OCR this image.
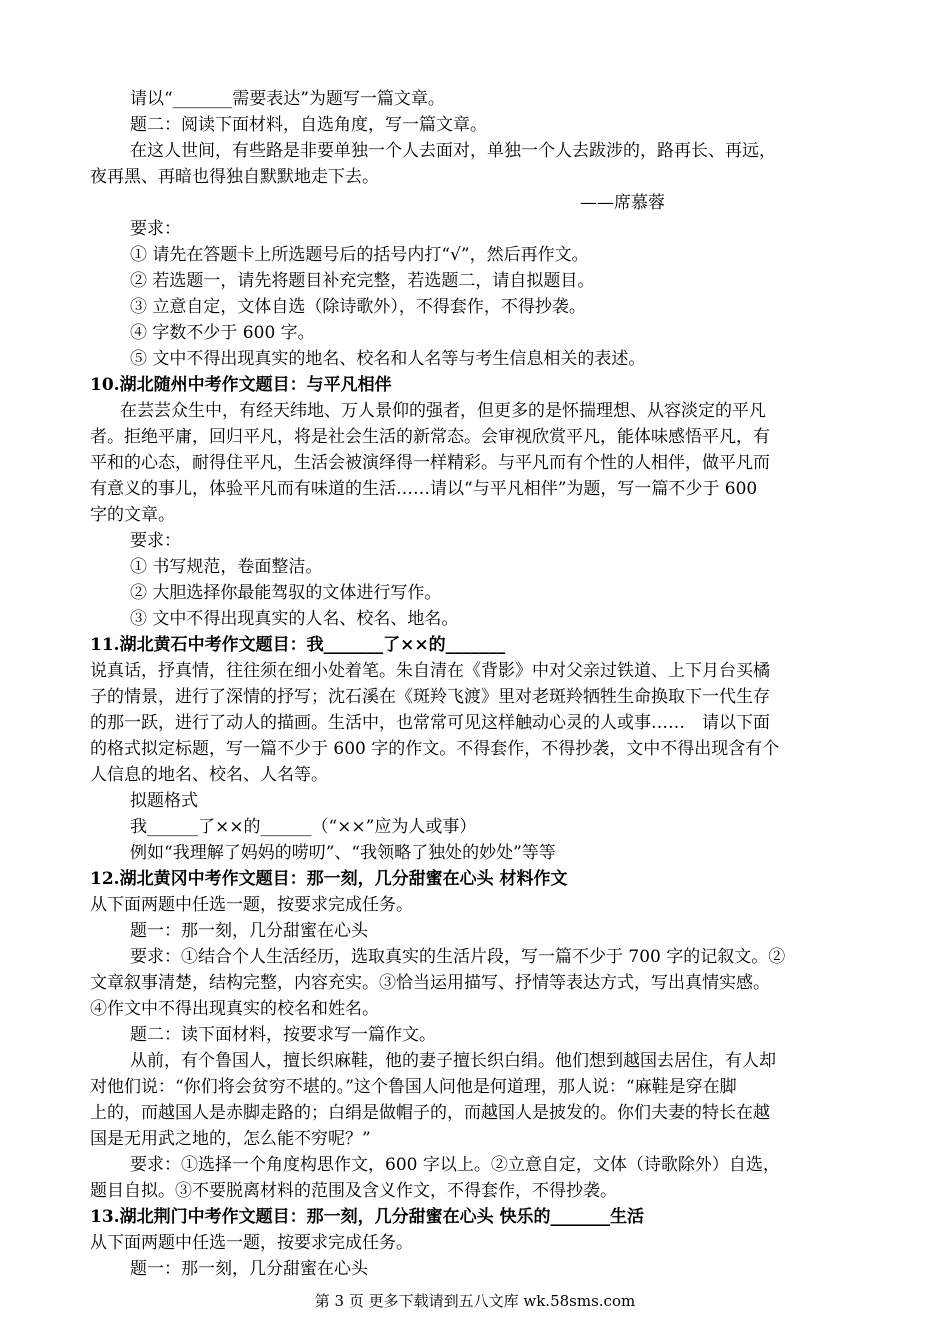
请以“_______需要表达”为题写一篇文章。
题二：阅读下面材料，自选角度，写一篇文章。
在这人世间，有些路是非要单独一个人去面对，单独一个人去跋涉的，路再长、再远，
夜再黑、再暗也得独自默默地走下去。
——席慕蓉
要求：
① 请先在答题卡上所选题号后的括号内打“√”，然后再作文。
② 若选题一，请先将题目补充完整，若选题二，请自拟题目。
③ 立意自定，文体自选（除诗歌外），不得套作，不得抄袭。
④ 字数不少于 600 字。
⑤ 文中不得出现真实的地名、校名和人名等与考生信息相关的表述。
10.湖北随州中考作文题目：与平凡相伴
在芸芸众生中，有经天纬地、万人景仰的强者，但更多的是怀揣理想、从容淡定的平凡
者。拒绝平庸，回归平凡，将是社会生活的新常态。会审视欣赏平凡，能体味感悟平凡，有
平和的心态，耐得住平凡，生活会被演绎得一样精彩。与平凡而有个性的人相伴，做平凡而
有意义的事儿，体验平凡而有味道的生活……请以“与平凡相伴”为题，写一篇不少于 600
字的文章。
要求：
① 书写规范，卷面整洁。
② 大胆选择你最能驾驭的文体进行写作。
③ 文中不得出现真实的人名、校名、地名。
11.湖北黄石中考作文题目：我_______了××的_______
说真话，抒真情，往往须在细小处着笔。朱自清在《背影》中对父亲过铁道、上下月台买橘
子的情景，进行了深情的抒写；沈石溪在《斑羚飞渡》里对老斑羚牺牲生命换取下一代生存
的那一跃，进行了动人的描画。生活中，也常常可见这样触动心灵的人或事……　请以下面
的格式拟定标题，写一篇不少于 600 字的作文。不得套作，不得抄袭，文中不得出现含有个
人信息的地名、校名、人名等。
拟题格式
我______了××的______（“××”应为人或事）
例如“我理解了妈妈的唠叨”、“我领略了独处的妙处”等等
12.湖北黄冈中考作文题目：那一刻，几分甜蜜在心头 材料作文
从下面两题中任选一题，按要求完成任务。
题一：那一刻，几分甜蜜在心头
要求：①结合个人生活经历，选取真实的生活片段，写一篇不少于 700 字的记叙文。②
文章叙事清楚，结构完整，内容充实。③恰当运用描写、抒情等表达方式，写出真情实感。
④作文中不得出现真实的校名和姓名。
题二：读下面材料，按要求写一篇作文。
从前，有个鲁国人，擅长织麻鞋，他的妻子擅长织白绢。他们想到越国去居住，有人却
对他们说：“你们将会贫穷不堪的。”这个鲁国人问他是何道理，那人说：“麻鞋是穿在脚
上的，而越国人是赤脚走路的；白绢是做帽子的，而越国人是披发的。你们夫妻的特长在越
国是无用武之地的，怎么能不穷呢？”
要求：①选择一个角度构思作文，600 字以上。②立意自定，文体（诗歌除外）自选，
题目自拟。③不要脱离材料的范围及含义作文，不得套作，不得抄袭。
13.湖北荆门中考作文题目：那一刻，几分甜蜜在心头 快乐的_______生活
从下面两题中任选一题，按要求完成任务。
题一：那一刻，几分甜蜜在心头
第 3 页 更多下载请到五八文库 wk.58sms.com
